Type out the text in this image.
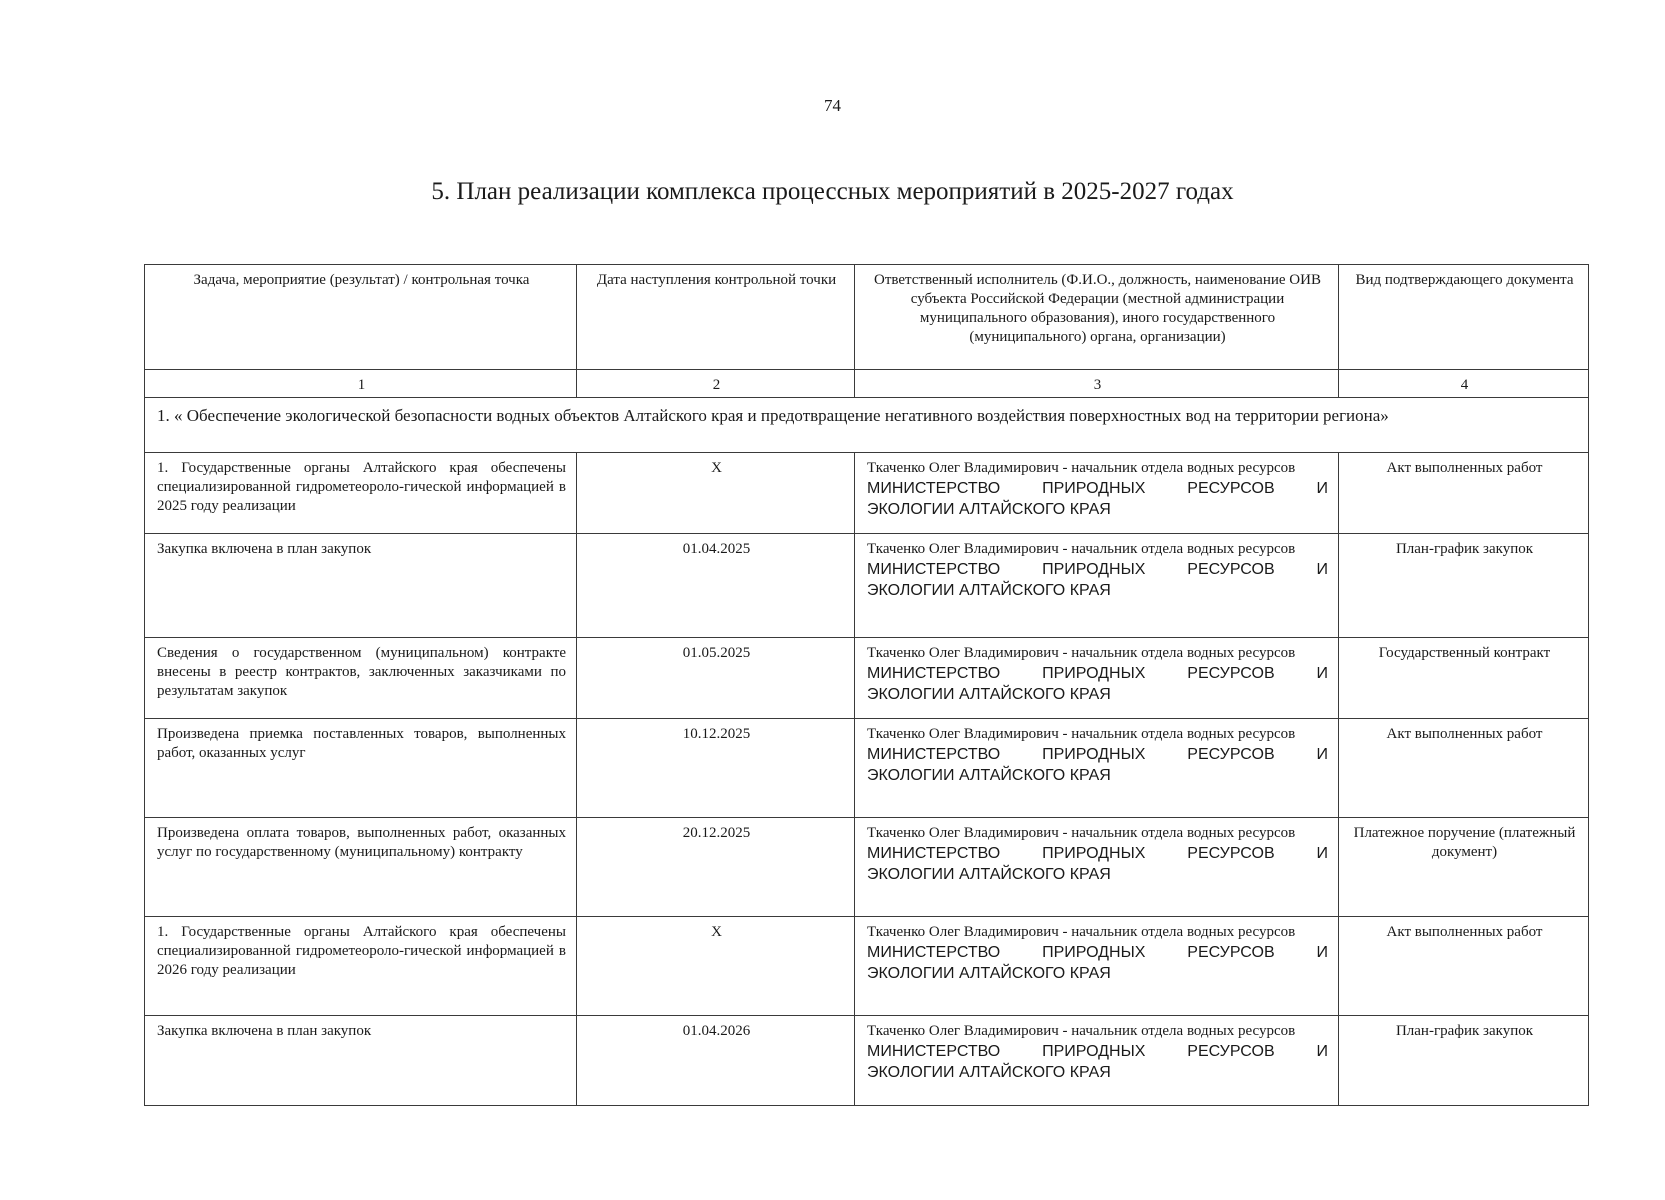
74
5. План реализации комплекса процессных мероприятий в 2025-2027 годах
Задача, мероприятие (результат) / контрольная точка	Дата наступления контрольной точки	Ответственный исполнитель (Ф.И.О., должность, наименование ОИВ субъекта Российской Федерации (местной администрации муниципального образования), иного государственного (муниципального) органа, организации)	Вид подтверждающего документа
1	2	3	4
1. « Обеспечение экологической безопасности водных объектов Алтайского края и предотвращение негативного воздействия поверхностных вод на территории региона»			
1. Государственные органы Алтайского края обеспечены специализированной гидрометеороло-гической информацией в 2025 году реализации	X	Ткаченко Олег Владимирович - начальник отдела водных ресурсов
МИНИСТЕРСТВО ПРИРОДНЫХ РЕСУРСОВ И
ЭКОЛОГИИ АЛТАЙСКОГО КРАЯ	Акт выполненных работ
Закупка включена в план закупок	01.04.2025	Ткаченко Олег Владимирович - начальник отдела водных ресурсов
МИНИСТЕРСТВО ПРИРОДНЫХ РЕСУРСОВ И
ЭКОЛОГИИ АЛТАЙСКОГО КРАЯ	План-график закупок
Сведения о государственном (муниципальном) контракте внесены в реестр контрактов, заключенных заказчиками по результатам закупок	01.05.2025	Ткаченко Олег Владимирович - начальник отдела водных ресурсов
МИНИСТЕРСТВО ПРИРОДНЫХ РЕСУРСОВ И
ЭКОЛОГИИ АЛТАЙСКОГО КРАЯ	Государственный контракт
Произведена приемка поставленных товаров, выполненных работ, оказанных услуг	10.12.2025	Ткаченко Олег Владимирович - начальник отдела водных ресурсов
МИНИСТЕРСТВО ПРИРОДНЫХ РЕСУРСОВ И
ЭКОЛОГИИ АЛТАЙСКОГО КРАЯ	Акт выполненных работ
Произведена оплата товаров, выполненных работ, оказанных услуг по государственному (муниципальному) контракту	20.12.2025	Ткаченко Олег Владимирович - начальник отдела водных ресурсов
МИНИСТЕРСТВО ПРИРОДНЫХ РЕСУРСОВ И
ЭКОЛОГИИ АЛТАЙСКОГО КРАЯ	Платежное поручение (платежный документ)
1. Государственные органы Алтайского края обеспечены специализированной гидрометеороло-гической информацией в 2026 году реализации	X	Ткаченко Олег Владимирович - начальник отдела водных ресурсов
МИНИСТЕРСТВО ПРИРОДНЫХ РЕСУРСОВ И
ЭКОЛОГИИ АЛТАЙСКОГО КРАЯ	Акт выполненных работ
Закупка включена в план закупок	01.04.2026	Ткаченко Олег Владимирович - начальник отдела водных ресурсов
МИНИСТЕРСТВО ПРИРОДНЫХ РЕСУРСОВ И
ЭКОЛОГИИ АЛТАЙСКОГО КРАЯ	План-график закупок
